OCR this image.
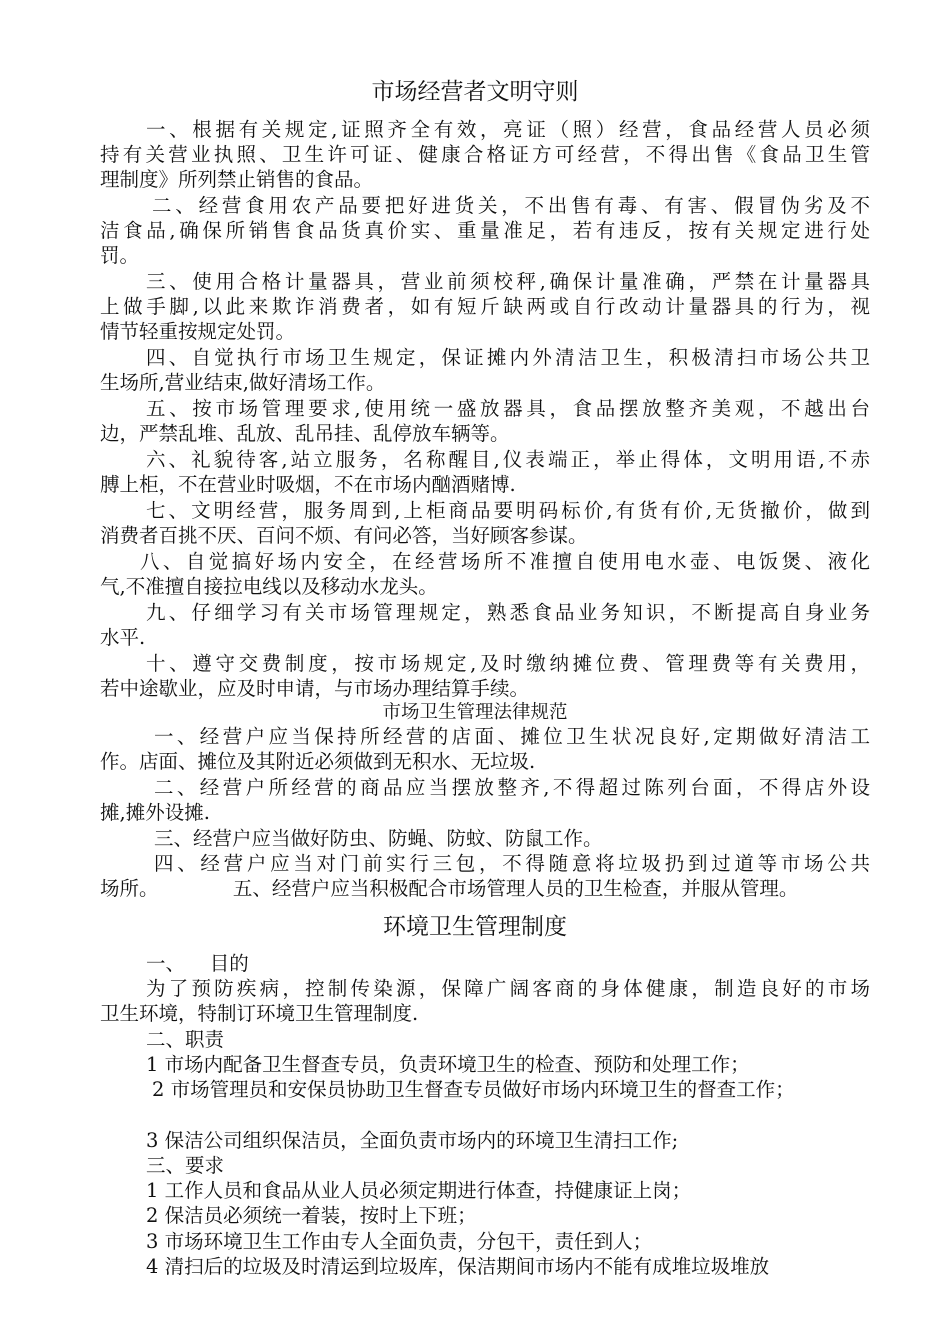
市场经营者文明守则
一、根据有关规定,证照齐全有效，亮证（照）经营，食品经营人员必须
持有关营业执照、卫生许可证、健康合格证方可经营，不得出售《食品卫生管
理制度》所列禁止销售的食品。
二、经营食用农产品要把好进货关，不出售有毒、有害、假冒伪劣及不
洁食品,确保所销售食品货真价实、重量准足，若有违反，按有关规定进行处
罚。
三、使用合格计量器具，营业前须校秤,确保计量准确，严禁在计量器具
上做手脚,以此来欺诈消费者，如有短斤缺两或自行改动计量器具的行为，视
情节轻重按规定处罚。
四、自觉执行市场卫生规定，保证摊内外清洁卫生，积极清扫市场公共卫
生场所,营业结束,做好清场工作。
五、按市场管理要求,使用统一盛放器具，食品摆放整齐美观，不越出台
边，严禁乱堆、乱放、乱吊挂、乱停放车辆等。
六、礼貌待客,站立服务，名称醒目,仪表端正，举止得体，文明用语,不赤
膊上柜，不在营业时吸烟，不在市场内酗酒赌博.
七、文明经营，服务周到,上柜商品要明码标价,有货有价,无货撤价，做到
消费者百挑不厌、百问不烦、有问必答，当好顾客参谋。
八、自觉搞好场内安全，在经营场所不准擅自使用电水壶、电饭煲、液化
气,不准擅自接拉电线以及移动水龙头。
九、仔细学习有关市场管理规定，熟悉食品业务知识，不断提高自身业务
水平.
十、遵守交费制度，按市场规定,及时缴纳摊位费、管理费等有关费用，
若中途歇业，应及时申请，与市场办理结算手续。
市场卫生管理法律规范
一、经营户应当保持所经营的店面、摊位卫生状况良好,定期做好清洁工
作。店面、摊位及其附近必须做到无积水、无垃圾.
二、经营户所经营的商品应当摆放整齐,不得超过陈列台面，不得店外设
摊,摊外设摊.
三、经营户应当做好防虫、防蝇、防蚊、防鼠工作。
四、经营户应当对门前实行三包，不得随意将垃圾扔到过道等市场公共
场所。            五、经营户应当积极配合市场管理人员的卫生检查，并服从管理。
环境卫生管理制度
一、    目的
为了预防疾病，控制传染源，保障广阔客商的身体健康，制造良好的市场
卫生环境，特制订环境卫生管理制度.
二、职责
1 市场内配备卫生督查专员，负责环境卫生的检查、预防和处理工作；
2 市场管理员和安保员协助卫生督查专员做好市场内环境卫生的督查工作；
3 保洁公司组织保洁员，全面负责市场内的环境卫生清扫工作;
三、要求
1 工作人员和食品从业人员必须定期进行体查，持健康证上岗；
2 保洁员必须统一着装，按时上下班；
3 市场环境卫生工作由专人全面负责，分包干，责任到人；
4 清扫后的垃圾及时清运到垃圾库，保洁期间市场内不能有成堆垃圾堆放
